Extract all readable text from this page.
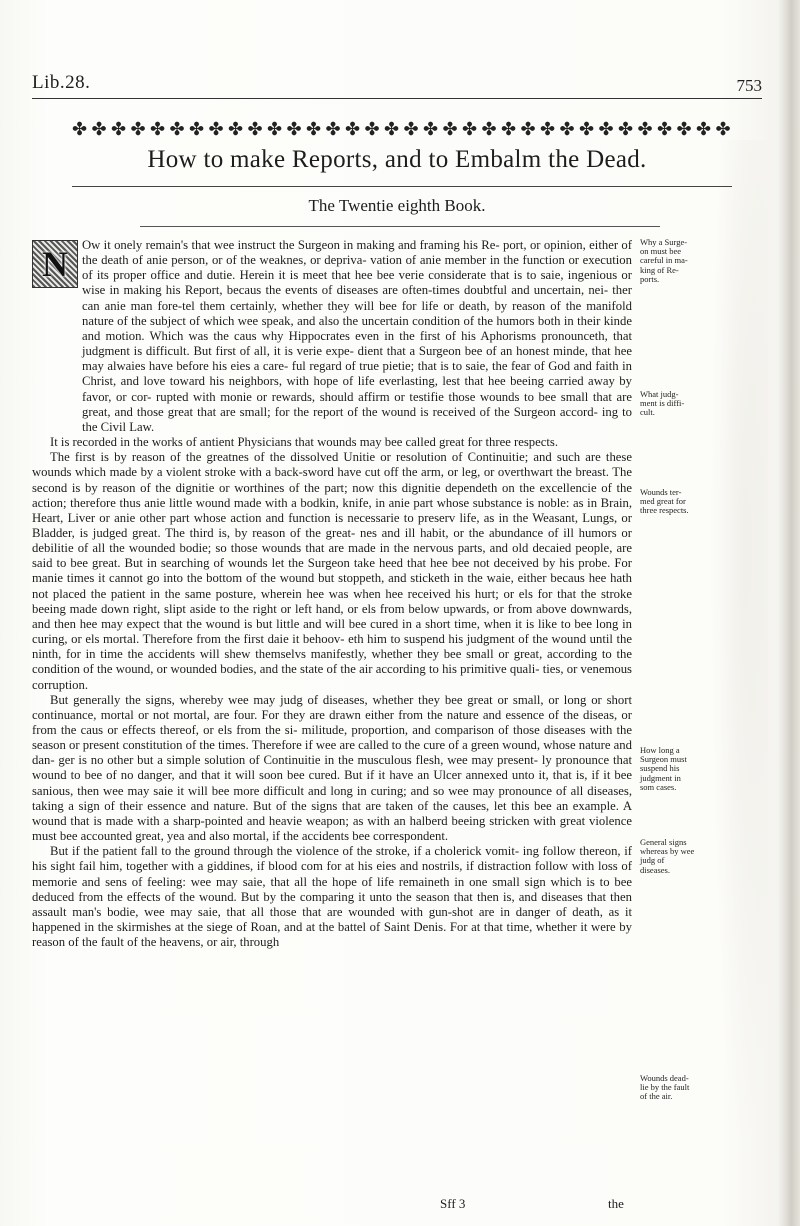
Lib.28.	753
✤ ✤ ✤ ✤ ✤ ✤ ✤ ✤ ✤ ✤ ✤ ✤ ✤ ✤ ✤ ✤ ✤ ✤ ✤ ✤ ✤ ✤ ✤ ✤ ✤ ✤ ✤ ✤ ✤ ✤ ✤ ✤ ✤ ✤
How to make Reports, and to Embalm the Dead.
The Twentie eighth Book.
N	Ow it onely remain's that wee instruct the Surgeon in making and framing his Re- port, or opinion, either of the death of anie person, or of the weaknes, or depriva- vation of anie member in the function or execution of its proper office and dutie. Herein it is meet that hee bee verie considerate that is to saie, ingenious or wise in making his Report, becaus the events of diseases are often-times doubtful and uncertain, nei- ther can anie man fore-tel them certainly, whether they will bee for life or death, by reason of the manifold nature of the subject of which wee speak, and also the uncertain condition of the humors both in their kinde and motion. Which was the caus why Hippocrates even in the first of his Aphorisms pronounceth, that judgment is difficult. But first of all, it is verie expe- dient that a Surgeon bee of an honest minde, that hee may alwaies have before his eies a care- ful regard of true pietie; that is to saie, the fear of God and faith in Christ, and love toward his neighbors, with hope of life everlasting, lest that hee beeing carried away by favor, or cor- rupted with monie or rewards, should affirm or testifie those wounds to bee small that are great, and those great that are small; for the report of the wound is received of the Surgeon accord- ing to the Civil Law.

It is recorded in the works of antient Physicians that wounds may bee called great for three respects.

The first is by reason of the greatnes of the dissolved Unitie or resolution of Continuitie; and such are these wounds which made by a violent stroke with a back-sword have cut off the arm, or leg, or overthwart the breast. The second is by reason of the dignitie or worthines of the part; now this dignitie dependeth on the excellencie of the action; therefore thus anie little wound made with a bodkin, knife, in anie part whose substance is noble: as in Brain, Heart, Liver or anie other part whose action and function is necessarie to preserv life, as in the Weasant, Lungs, or Bladder, is judged great. The third is, by reason of the great- nes and ill habit, or the abundance of ill humors or debilitie of all the wounded bodie; so those wounds that are made in the nervous parts, and old decaied people, are said to bee great. But in searching of wounds let the Surgeon take heed that hee bee not deceived by his probe. For manie times it cannot go into the bottom of the wound but stoppeth, and sticketh in the waie, either becaus hee hath not placed the patient in the same posture, wherein hee was when hee received his hurt; or els for that the stroke beeing made down right, slipt aside to the right or left hand, or els from below upwards, or from above downwards, and then hee may expect that the wound is but little and will bee cured in a short time, when it is like to bee long in curing, or els mortal. Therefore from the first daie it behoov- eth him to suspend his judgment of the wound until the ninth, for in time the accidents will shew themselvs manifestly, whether they bee small or great, according to the condition of the wound, or wounded bodies, and the state of the air according to his primitive quali- ties, or venemous corruption.

But generally the signs, whereby wee may judg of diseases, whether they bee great or small, or long or short continuance, mortal or not mortal, are four. For they are drawn either from the nature and essence of the diseas, or from the caus or effects thereof, or els from the si- militude, proportion, and comparison of those diseases with the season or present constitution of the times. Therefore if wee are called to the cure of a green wound, whose nature and dan- ger is no other but a simple solution of Continuitie in the musculous flesh, wee may present- ly pronounce that wound to bee of no danger, and that it will soon bee cured. But if it have an Ulcer annexed unto it, that is, if it bee sanious, then wee may saie it will bee more difficult and long in curing; and so wee may pronounce of all diseases, taking a sign of their essence and nature. But of the signs that are taken of the causes, let this bee an example. A wound that is made with a sharp-pointed and heavie weapon; as with an halberd beeing stricken with great violence must bee accounted great, yea and also mortal, if the accidents bee correspondent.

But if the patient fall to the ground through the violence of the stroke, if a cholerick vomit- ing follow thereon, if his sight fail him, together with a giddines, if blood com for at his eies and nostrils, if distraction follow with loss of memorie and sens of feeling: wee may saie, that all the hope of life remaineth in one small sign which is to bee deduced from the effects of the wound. But by the comparing it unto the season that then is, and diseases that then assault man's bodie, wee may saie, that all those that are wounded with gun-shot are in danger of death, as it happened in the skirmishes at the siege of Roan, and at the battel of Saint Denis. For at that time, whether it were by reason of the fault of the heavens, or air, through

Why a Surge- on must bee careful in ma- king of Re- ports.
What judg- ment is diffi- cult.
Wounds ter- med great for three respects.
How long a Surgeon must suspend his judgment in som cases.
General signs whereas by wee judg of diseases.
Wounds dead- lie by the fault of the air.
Sff 3	the
